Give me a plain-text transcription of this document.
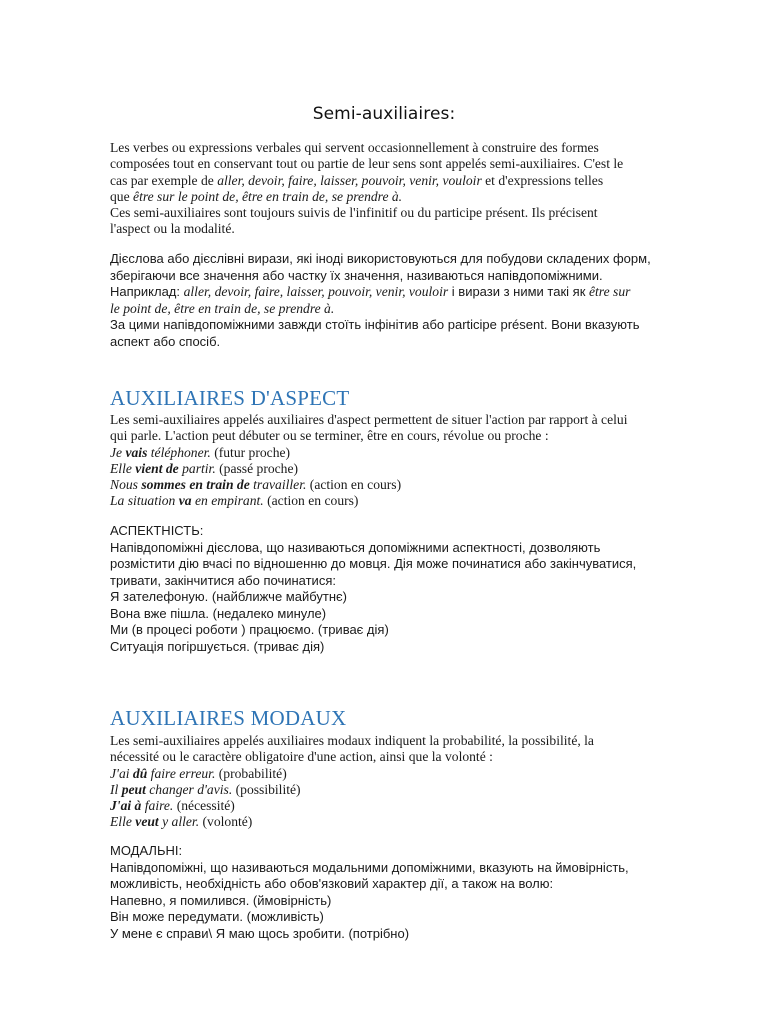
Semi-auxiliaires:
Les verbes ou expressions verbales qui servent occasionnellement à construire des formes
composées tout en conservant tout ou partie de leur sens sont appelés semi-auxiliaires. C'est le
cas par exemple de aller, devoir, faire, laisser, pouvoir, venir, vouloir et d'expressions telles
que être sur le point de, être en train de, se prendre à.
Ces semi-auxiliaires sont toujours suivis de l'infinitif ou du participe présent. Ils précisent
l'aspect ou la modalité.
Дієслова або дієслівні вирази, які іноді використовуються для побудови складених форм,
зберігаючи все значення або частку їх значення, називаються напівдопоміжними.
Наприклад: aller, devoir, faire, laisser, pouvoir, venir, vouloir і вирази з ними такі як être sur
le point de, être en train de, se prendre à.
За цими напівдопоміжними завжди стоїть інфінітив або participe présent. Вони вказують
аспект або спосіб.
AUXILIAIRES D'ASPECT
Les semi-auxiliaires appelés auxiliaires d'aspect permettent de situer l'action par rapport à celui
qui parle. L'action peut débuter ou se terminer, être en cours, révolue ou proche :
Je vais téléphoner. (futur proche)
Elle vient de partir. (passé proche)
Nous sommes en train de travailler. (action en cours)
La situation va en empirant. (action en cours)
АСПЕКТНІСТЬ:
Напівдопоміжні дієслова, що називаються допоміжними аспектності, дозволяють
розмістити дію вчасі по відношенню до мовця. Дія може починатися або закінчуватися,
тривати, закінчитися або починатися:
Я зателефоную. (найближче майбутнє)
Вона вже пішла. (недалеко минуле)
Ми (в процесі роботи ) працюємо. (триває дія)
Ситуація погіршується. (триває дія)
AUXILIAIRES MODAUX
Les semi-auxiliaires appelés auxiliaires modaux indiquent la probabilité, la possibilité, la
nécessité ou le caractère obligatoire d'une action, ainsi que la volonté :
J'ai dû faire erreur. (probabilité)
Il peut changer d'avis. (possibilité)
J'ai à faire. (nécessité)
Elle veut y aller. (volonté)
МОДАЛЬНІ:
Напівдопоміжні, що називаються модальними допоміжними, вказують на ймовірність,
можливість, необхідність або обов'язковий характер дії, а також на волю:
Напевно, я помилився. (ймовірність)
Він може передумати. (можливість)
У мене є справи\ Я маю щось зробити. (потрібно)
